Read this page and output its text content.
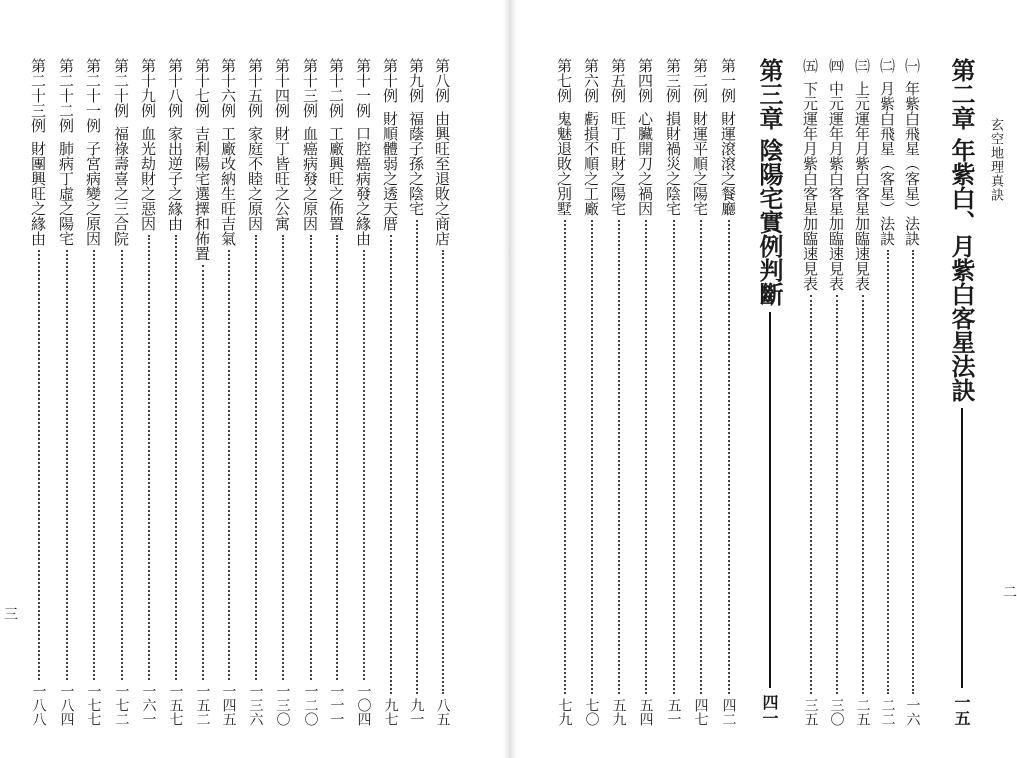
玄空地理真訣
三
二
第二章
年紫白、月紫白客星法訣
一五
㈠
年紫白飛星（客星）法訣
一六
㈡
月紫白飛星（客星）法訣
二二
㈢
上元運年月紫白客星加臨速見表
二五
㈣
中元運年月紫白客星加臨速見表
三〇
㈤
下元運年月紫白客星加臨速見表
三五
第三章
陰陽宅實例判斷
四一
第一例
財運滾滾之餐廳
四二
第二例
財運平順之陽宅
四七
第三例
損財禍災之陰宅
五一
第四例
心臟開刀之禍因
五四
第五例
旺丁旺財之陽宅
五九
第六例
虧損不順之工廠
七〇
第七例
鬼魅退敗之別墅
七九
第八例
由興旺至退敗之商店
八五
第九例
福蔭子孫之陰宅
九一
第十例
財順體弱之透天厝
九七
第十一例
口腔癌病發之緣由
一〇四
第十二例
工廠興旺之佈置
一一一
第十三例
血癌病發之原因
一二〇
第十四例
財丁皆旺之公寓
一三〇
第十五例
家庭不睦之原因
一三六
第十六例
工廠改納生旺吉氣
一四五
第十七例
吉利陽宅選擇和佈置
一五二
第十八例
家出逆子之緣由
一五七
第十九例
血光劫財之惡因
一六一
第二十例
福祿壽喜之三合院
一七二
第二十一例
子宮病變之原因
一七七
第二十二例
肺病丁虛之陽宅
一八四
第二十三例
財團興旺之緣由
一八八
